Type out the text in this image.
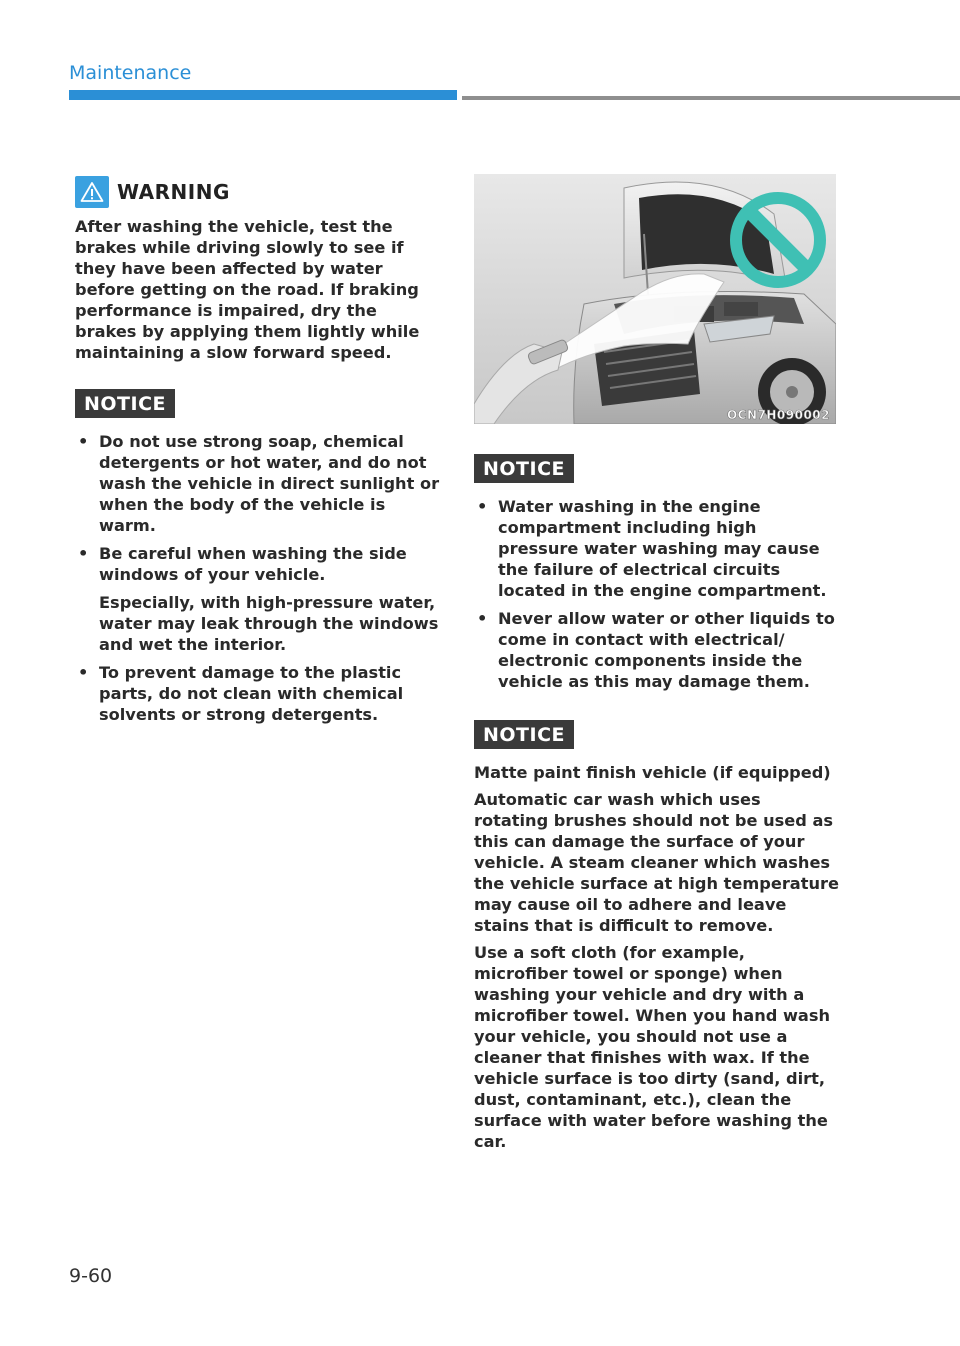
Maintenance
WARNING

After washing the vehicle, test the brakes while driving slowly to see if they have been affected by water before getting on the road. If braking performance is impaired, dry the brakes by applying them lightly while maintaining a slow forward speed.

NOTICE
• Do not use strong soap, chemical detergents or hot water, and do not wash the vehicle in direct sunlight or when the body of the vehicle is warm.
• Be careful when washing the side windows of your vehicle.
Especially, with high-pressure water, water may leak through the windows and wet the interior.
• To prevent damage to the plastic parts, do not clean with chemical solvents or strong detergents.
OCN7H090002
NOTICE
• Water washing in the engine compartment including high pressure water washing may cause the failure of electrical circuits located in the engine compartment.
• Never allow water or other liquids to come in contact with electrical/ electronic components inside the vehicle as this may damage them.
NOTICE

Matte paint finish vehicle (if equipped)

Automatic car wash which uses rotating brushes should not be used as this can damage the surface of your vehicle. A steam cleaner which washes the vehicle surface at high temperature may cause oil to adhere and leave stains that is difficult to remove.

Use a soft cloth (for example, microfiber towel or sponge) when washing your vehicle and dry with a microfiber towel. When you hand wash your vehicle, you should not use a cleaner that finishes with wax. If the vehicle surface is too dirty (sand, dirt, dust, contaminant, etc.), clean the surface with water before washing the car.

9-60
